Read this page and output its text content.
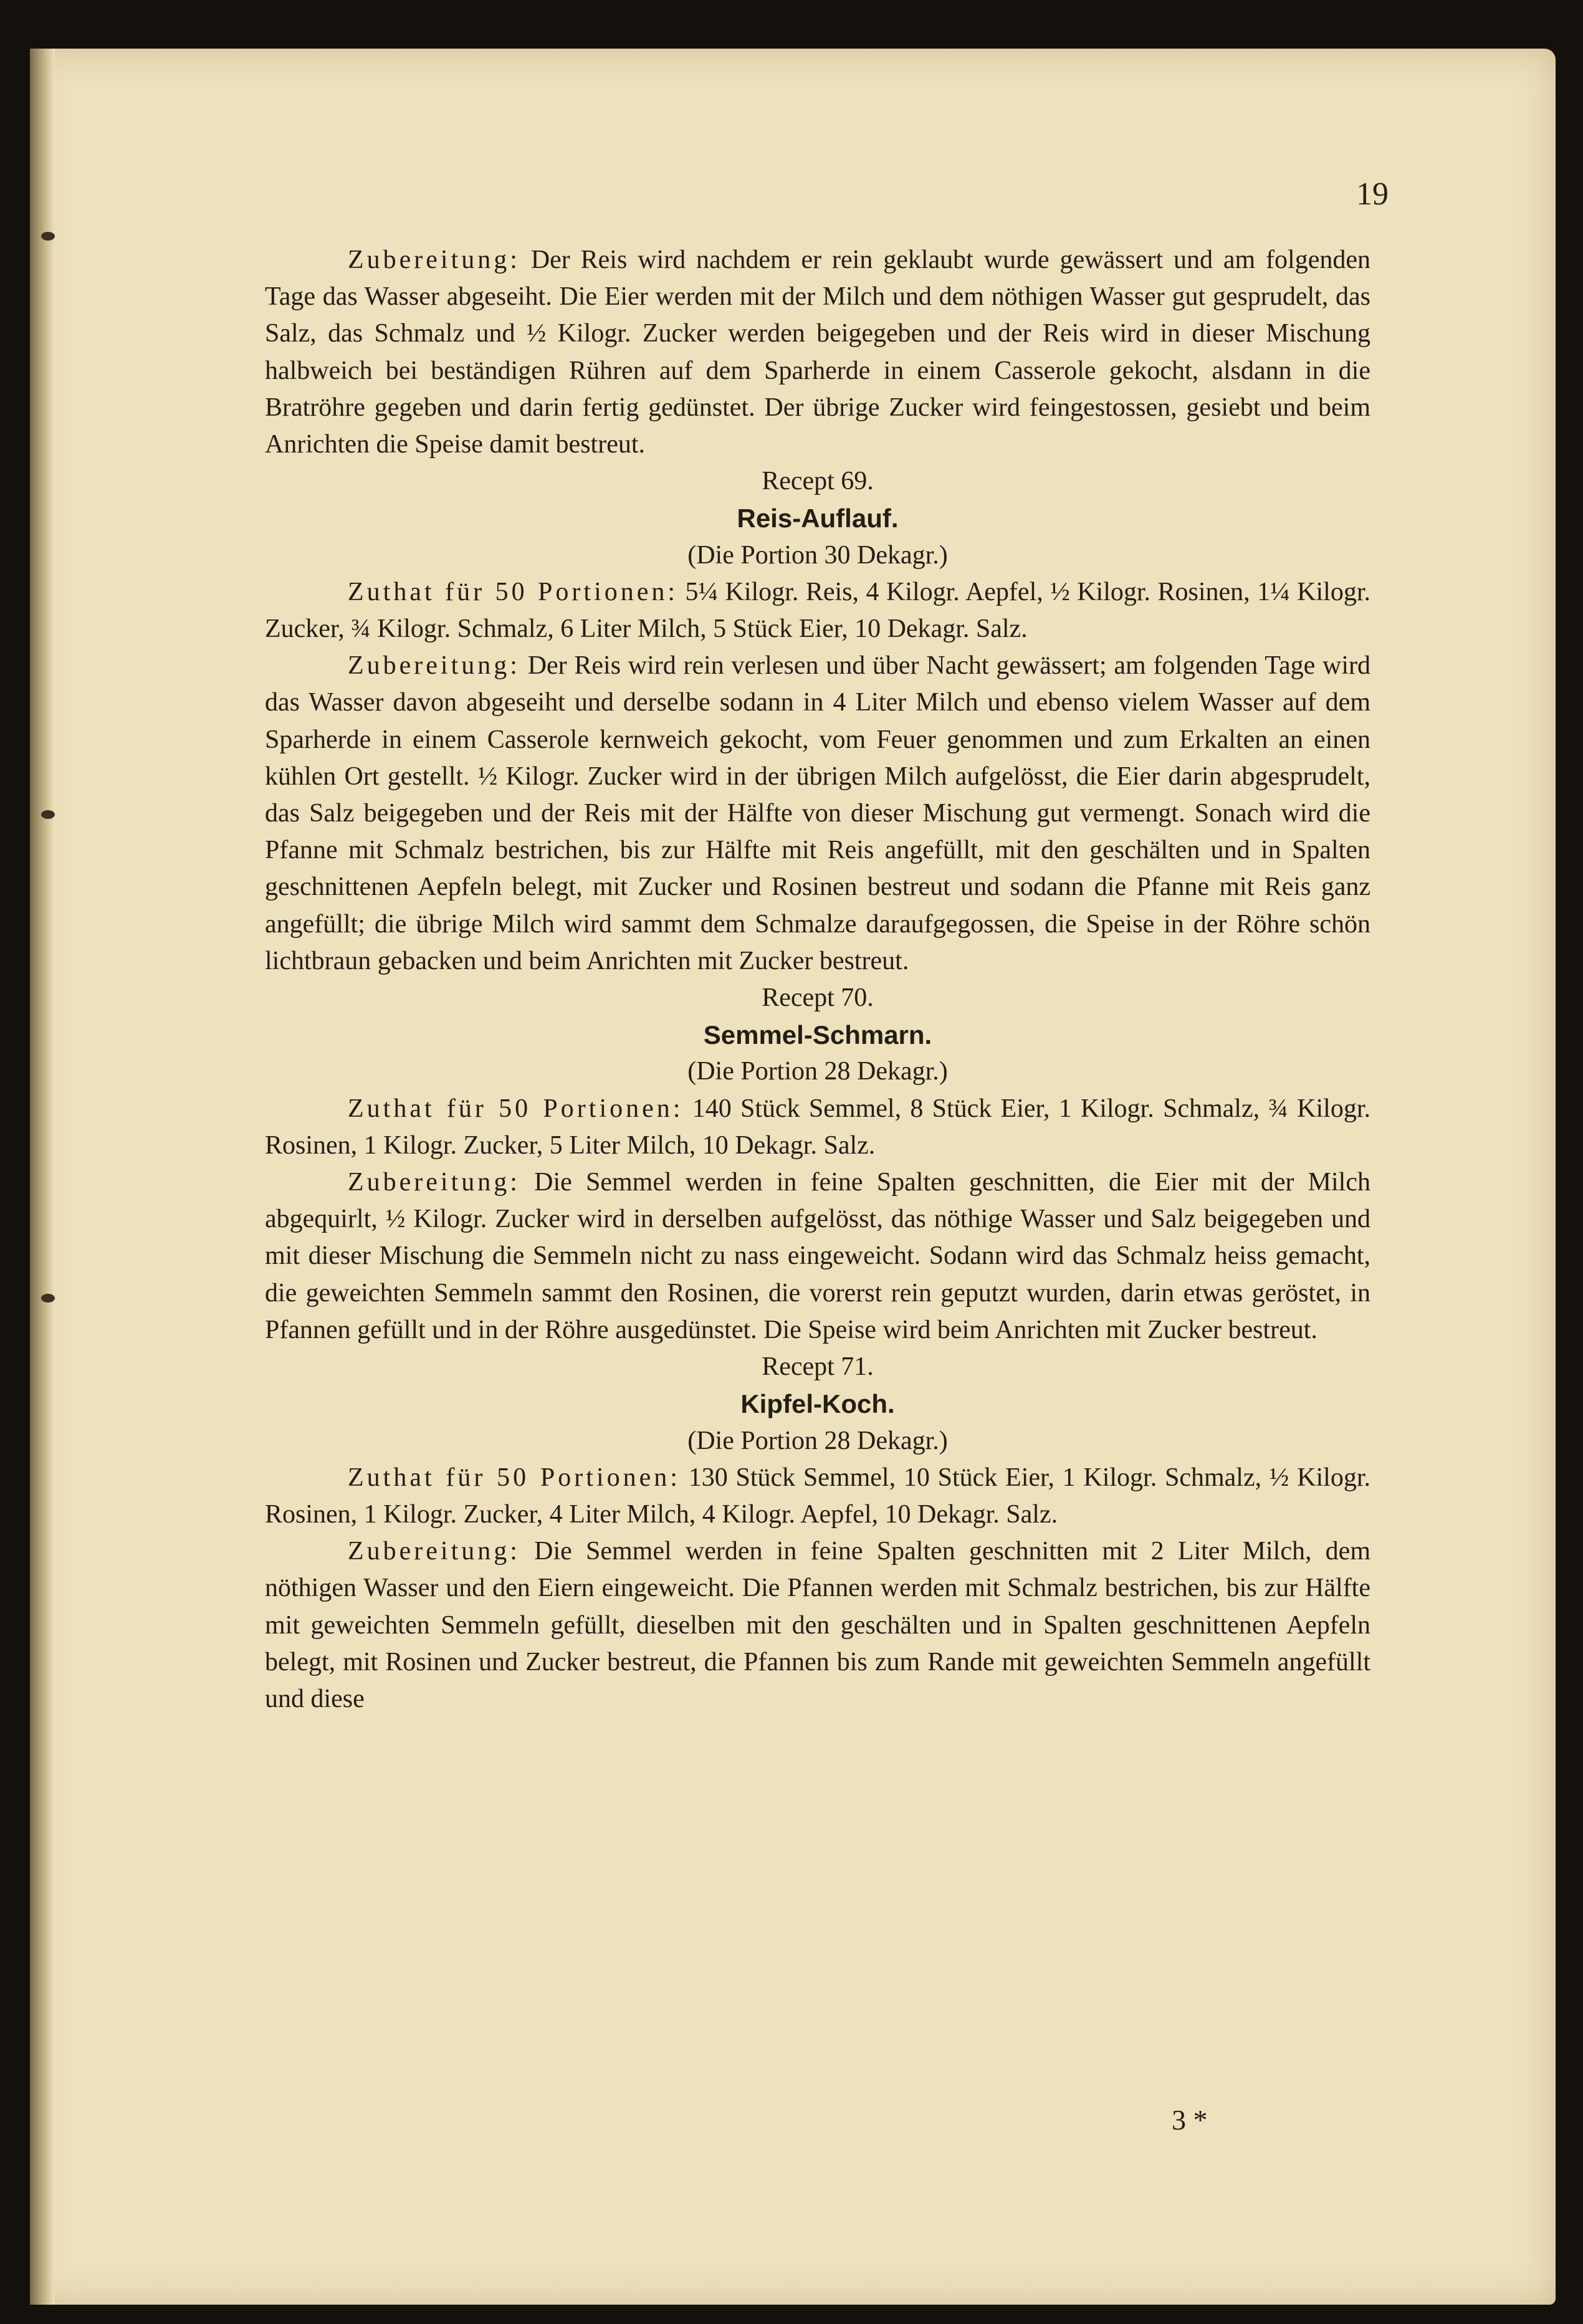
19

Zubereitung: Der Reis wird nachdem er rein geklaubt wurde gewässert und am folgenden Tage das Wasser abgeseiht. Die Eier werden mit der Milch und dem nöthigen Wasser gut gesprudelt, das Salz, das Schmalz und ½ Kilogr. Zucker werden beigegeben und der Reis wird in dieser Mischung halbweich bei beständigen Rühren auf dem Sparherde in einem Casserole gekocht, alsdann in die Bratröhre gegeben und darin fertig gedünstet. Der übrige Zucker wird feingestossen, gesiebt und beim Anrichten die Speise damit bestreut.

Recept 69.

Reis-Auflauf.

(Die Portion 30 Dekagr.)

Zuthat für 50 Portionen: 5¼ Kilogr. Reis, 4 Kilogr. Aepfel, ½ Kilogr. Rosinen, 1¼ Kilogr. Zucker, ¾ Kilogr. Schmalz, 6 Liter Milch, 5 Stück Eier, 10 Dekagr. Salz.

Zubereitung: Der Reis wird rein verlesen und über Nacht gewässert; am folgenden Tage wird das Wasser davon abgeseiht und derselbe sodann in 4 Liter Milch und ebenso vielem Wasser auf dem Sparherde in einem Casserole kernweich gekocht, vom Feuer genommen und zum Erkalten an einen kühlen Ort gestellt. ½ Kilogr. Zucker wird in der übrigen Milch aufgelösst, die Eier darin abgesprudelt, das Salz beigegeben und der Reis mit der Hälfte von dieser Mischung gut vermengt. Sonach wird die Pfanne mit Schmalz bestrichen, bis zur Hälfte mit Reis angefüllt, mit den geschälten und in Spalten geschnittenen Aepfeln belegt, mit Zucker und Rosinen bestreut und sodann die Pfanne mit Reis ganz angefüllt; die übrige Milch wird sammt dem Schmalze daraufgegossen, die Speise in der Röhre schön lichtbraun gebacken und beim Anrichten mit Zucker bestreut.

Recept 70.

Semmel-Schmarn.

(Die Portion 28 Dekagr.)

Zuthat für 50 Portionen: 140 Stück Semmel, 8 Stück Eier, 1 Kilogr. Schmalz, ¾ Kilogr. Rosinen, 1 Kilogr. Zucker, 5 Liter Milch, 10 Dekagr. Salz.

Zubereitung: Die Semmel werden in feine Spalten geschnitten, die Eier mit der Milch abgequirlt, ½ Kilogr. Zucker wird in derselben aufgelösst, das nöthige Wasser und Salz beigegeben und mit dieser Mischung die Semmeln nicht zu nass eingeweicht. Sodann wird das Schmalz heiss gemacht, die geweichten Semmeln sammt den Rosinen, die vorerst rein geputzt wurden, darin etwas geröstet, in Pfannen gefüllt und in der Röhre ausgedünstet. Die Speise wird beim Anrichten mit Zucker bestreut.

Recept 71.

Kipfel-Koch.

(Die Portion 28 Dekagr.)

Zuthat für 50 Portionen: 130 Stück Semmel, 10 Stück Eier, 1 Kilogr. Schmalz, ½ Kilogr. Rosinen, 1 Kilogr. Zucker, 4 Liter Milch, 4 Kilogr. Aepfel, 10 Dekagr. Salz.

Zubereitung: Die Semmel werden in feine Spalten geschnitten mit 2 Liter Milch, dem nöthigen Wasser und den Eiern eingeweicht. Die Pfannen werden mit Schmalz bestrichen, bis zur Hälfte mit geweichten Semmeln gefüllt, dieselben mit den geschälten und in Spalten geschnittenen Aepfeln belegt, mit Rosinen und Zucker bestreut, die Pfannen bis zum Rande mit geweichten Semmeln angefüllt und diese

3 *
